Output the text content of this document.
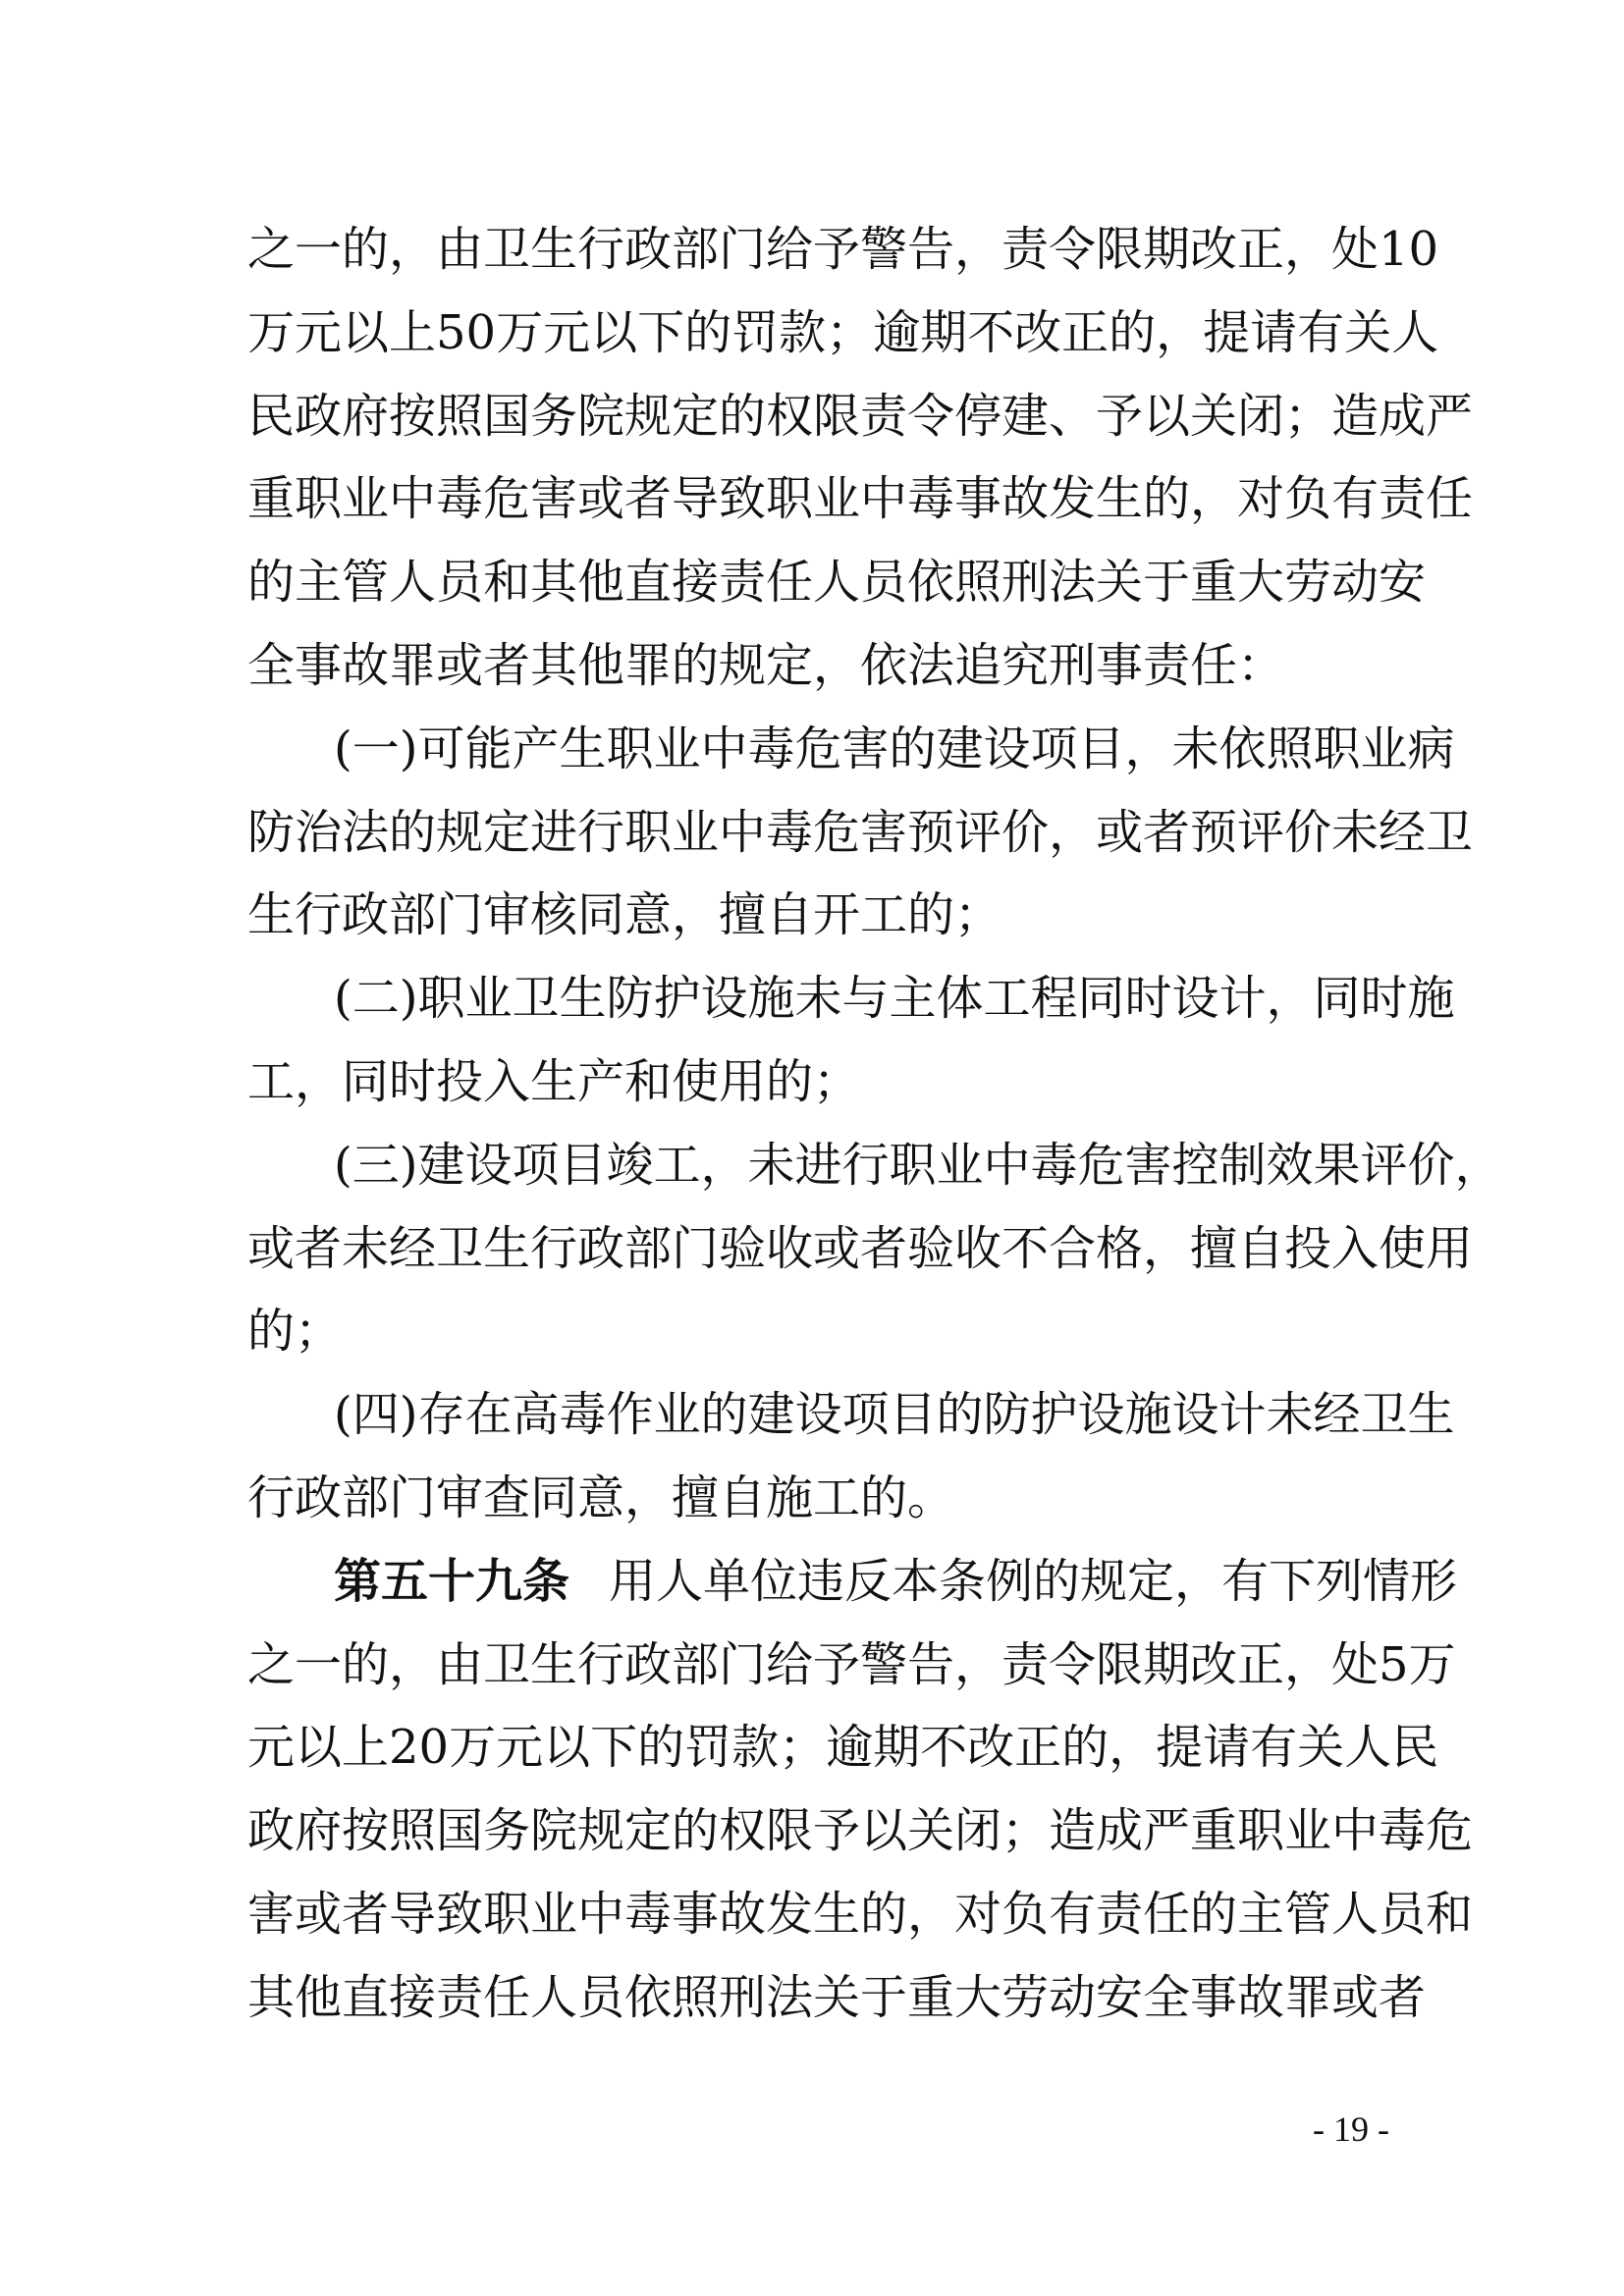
之一的，由卫生行政部门给予警告，责令限期改正，处10
万元以上50万元以下的罚款；逾期不改正的，提请有关人
民政府按照国务院规定的权限责令停建、予以关闭；造成严
重职业中毒危害或者导致职业中毒事故发生的，对负有责任
的主管人员和其他直接责任人员依照刑法关于重大劳动安
全事故罪或者其他罪的规定，依法追究刑事责任：
(一)可能产生职业中毒危害的建设项目，未依照职业病
防治法的规定进行职业中毒危害预评价，或者预评价未经卫
生行政部门审核同意，擅自开工的；
(二)职业卫生防护设施未与主体工程同时设计，同时施
工，同时投入生产和使用的；
(三)建设项目竣工，未进行职业中毒危害控制效果评价，
或者未经卫生行政部门验收或者验收不合格，擅自投入使用
的；
(四)存在高毒作业的建设项目的防护设施设计未经卫生
行政部门审查同意，擅自施工的。
第五十九条 用人单位违反本条例的规定，有下列情形
之一的，由卫生行政部门给予警告，责令限期改正，处5万
元以上20万元以下的罚款；逾期不改正的，提请有关人民
政府按照国务院规定的权限予以关闭；造成严重职业中毒危
害或者导致职业中毒事故发生的，对负有责任的主管人员和
其他直接责任人员依照刑法关于重大劳动安全事故罪或者
- 19 -
